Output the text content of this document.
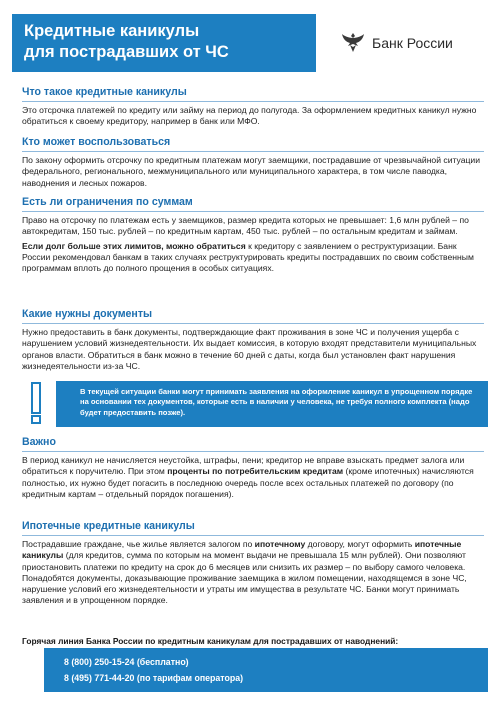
Кредитные каникулы
для пострадавших от ЧС	Банк России
Что такое кредитные каникулы

Это отсрочка платежей по кредиту или займу на период до полугода. За оформлением кредитных каникул нужно обратиться к своему кредитору, например в банк или МФО.

Кто может воспользоваться

По закону оформить отсрочку по кредитным платежам могут заемщики, пострадавшие от чрезвычайной ситуации федерального, регионального, межмуниципального или муниципального характера, в том числе паводка, наводнения и лесных пожаров.

Есть ли ограничения по суммам

Право на отсрочку по платежам есть у заемщиков, размер кредита которых не превышает: 1,6 млн рублей – по автокредитам, 150 тыс. рублей – по кредитным картам, 450 тыс. рублей – по остальным кредитам и займам.

Если долг больше этих лимитов, можно обратиться к кредитору с заявлением о реструктуризации. Банк России рекомендовал банкам в таких случаях реструктурировать кредиты пострадавших по своим собственным программам вплоть до полного прощения в особых ситуациях.

Какие нужны документы

Нужно предоставить в банк документы, подтверждающие факт проживания в зоне ЧС и получения ущерба с нарушением условий жизнедеятельности. Их выдает комиссия, в которую входят представители муниципальных органов власти. Обратиться в банк можно в течение 60 дней с даты, когда был установлен факт нарушения жизнедеятельности из-за ЧС.

В текущей ситуации банки могут принимать заявления на оформление каникул в упрощенном порядке на основании тех документов, которые есть в наличии у человека, не требуя полного комплекта (надо будет предоставить позже).
Важно

В период каникул не начисляется неустойка, штрафы, пени; кредитор не вправе взыскать предмет залога или обратиться к поручителю. При этом проценты по потребительским кредитам (кроме ипотечных) начисляются полностью, их нужно будет погасить в последнюю очередь после всех остальных платежей по договору (по кредитным картам – отдельный порядок погашения).

Ипотечные кредитные каникулы

Пострадавшие граждане, чье жилье является залогом по ипотечному договору, могут оформить ипотечные каникулы (для кредитов, сумма по которым на момент выдачи не превышала 15 млн рублей). Они позволяют приостановить платежи по кредиту на срок до 6 месяцев или снизить их размер – по выбору самого человека. Понадобятся документы, доказывающие проживание заемщика в жилом помещении, находящемся в зоне ЧС, нарушение условий его жизнедеятельности и утраты им имущества в результате ЧС. Банки могут принимать заявления и в упрощенном порядке.

Горячая линия Банка России по кредитным каникулам для пострадавших от наводнений:
8 (800) 250-15-24 (бесплатно)
8 (495) 771-44-20 (по тарифам оператора)
